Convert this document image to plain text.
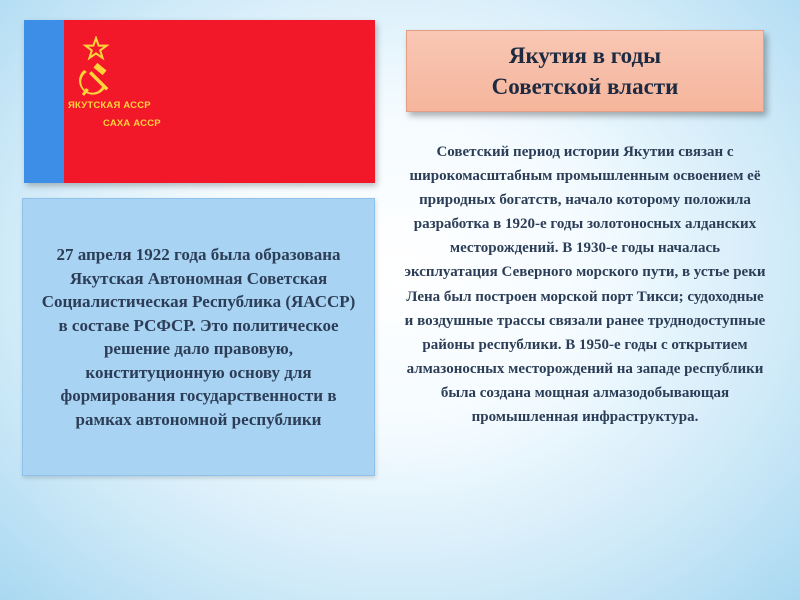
ЯКУТСКАЯ АССР
САХА АССР
27 апреля 1922 года была образована Якутская Автономная Советская Социалистическая Республика (ЯАССР) в составе РСФСР. Это политическое решение дало правовую, конституционную основу для формирования государственности в рамках автономной республики
Якутия в годы
Советской власти
Советский период истории Якутии связан с широкомасштабным промышленным освоением её природных богатств, начало которому положила разработка в 1920-е годы золотоносных алданских месторождений. В 1930-е годы началась эксплуатация Северного морского пути, в устье реки Лена был построен морской порт Тикси; судоходные и воздушные трассы связали ранее труднодоступные районы республики. В 1950-е годы с открытием алмазоносных месторождений на западе республики была создана мощная алмазодобывающая промышленная инфраструктура.
